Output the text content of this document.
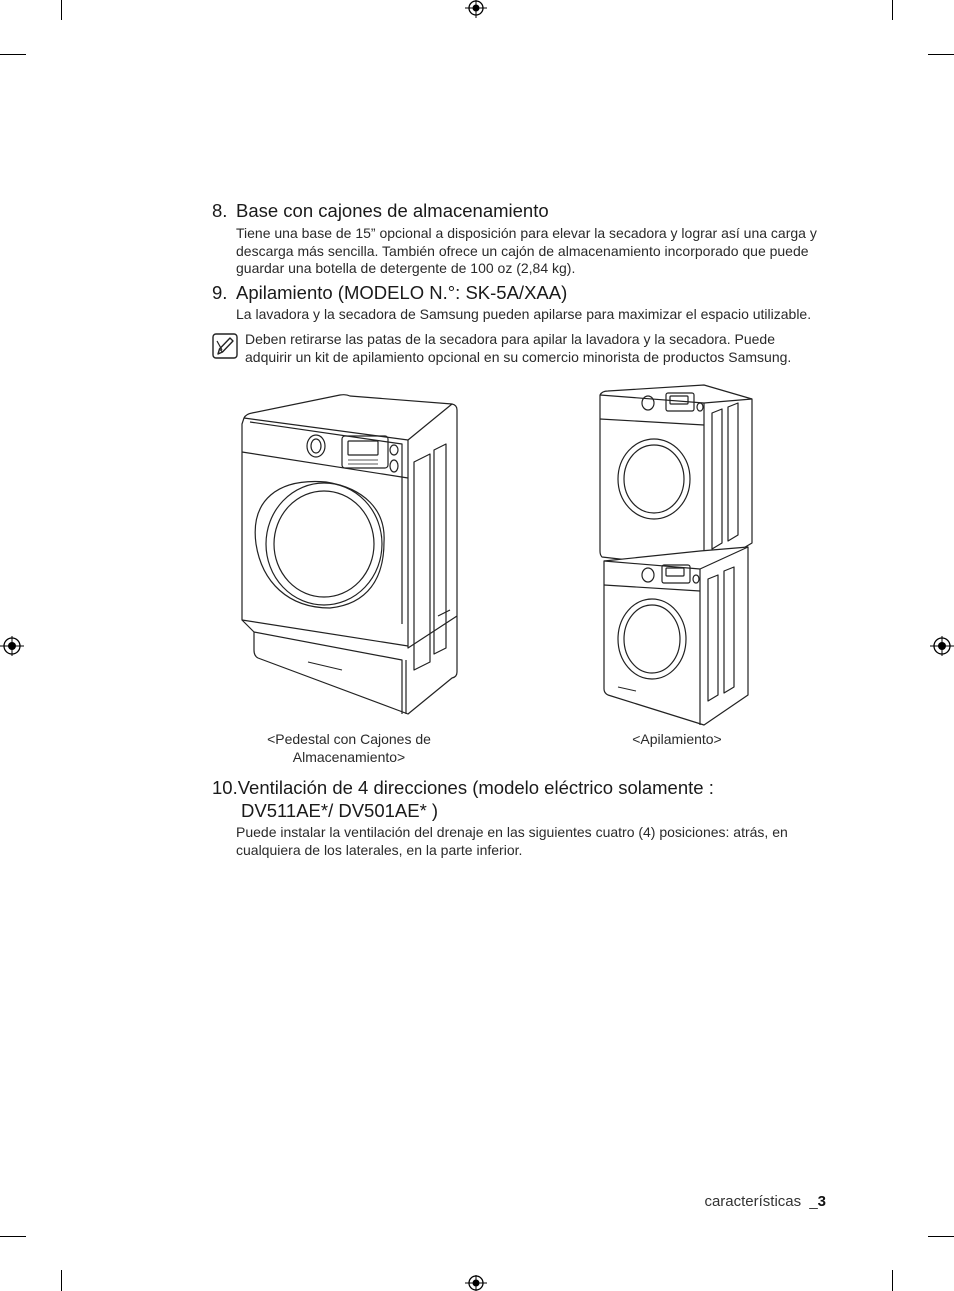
8. Base con cajones de almacenamiento
Tiene una base de 15” opcional a disposición para elevar la secadora y lograr así una carga y descarga más sencilla. También ofrece un cajón de almacenamiento incorporado que puede guardar una botella de detergente de 100 oz (2,84 kg).
9. Apilamiento (MODELO N.°: SK-5A/XAA)
La lavadora y la secadora de Samsung pueden apilarse para maximizar el espacio utilizable.
Deben retirarse las patas de la secadora para apilar la lavadora y la secadora. Puede adquirir un kit de apilamiento opcional en su comercio minorista de productos Samsung.
<Pedestal con Cajones de Almacenamiento>
<Apilamiento>
10.Ventilación de 4 direcciones (modelo eléctrico solamente :
DV511AE*/ DV501AE* )
Puede instalar la ventilación del drenaje en las siguientes cuatro (4) posiciones: atrás, en cualquiera de los laterales, en la parte inferior.
características _3
